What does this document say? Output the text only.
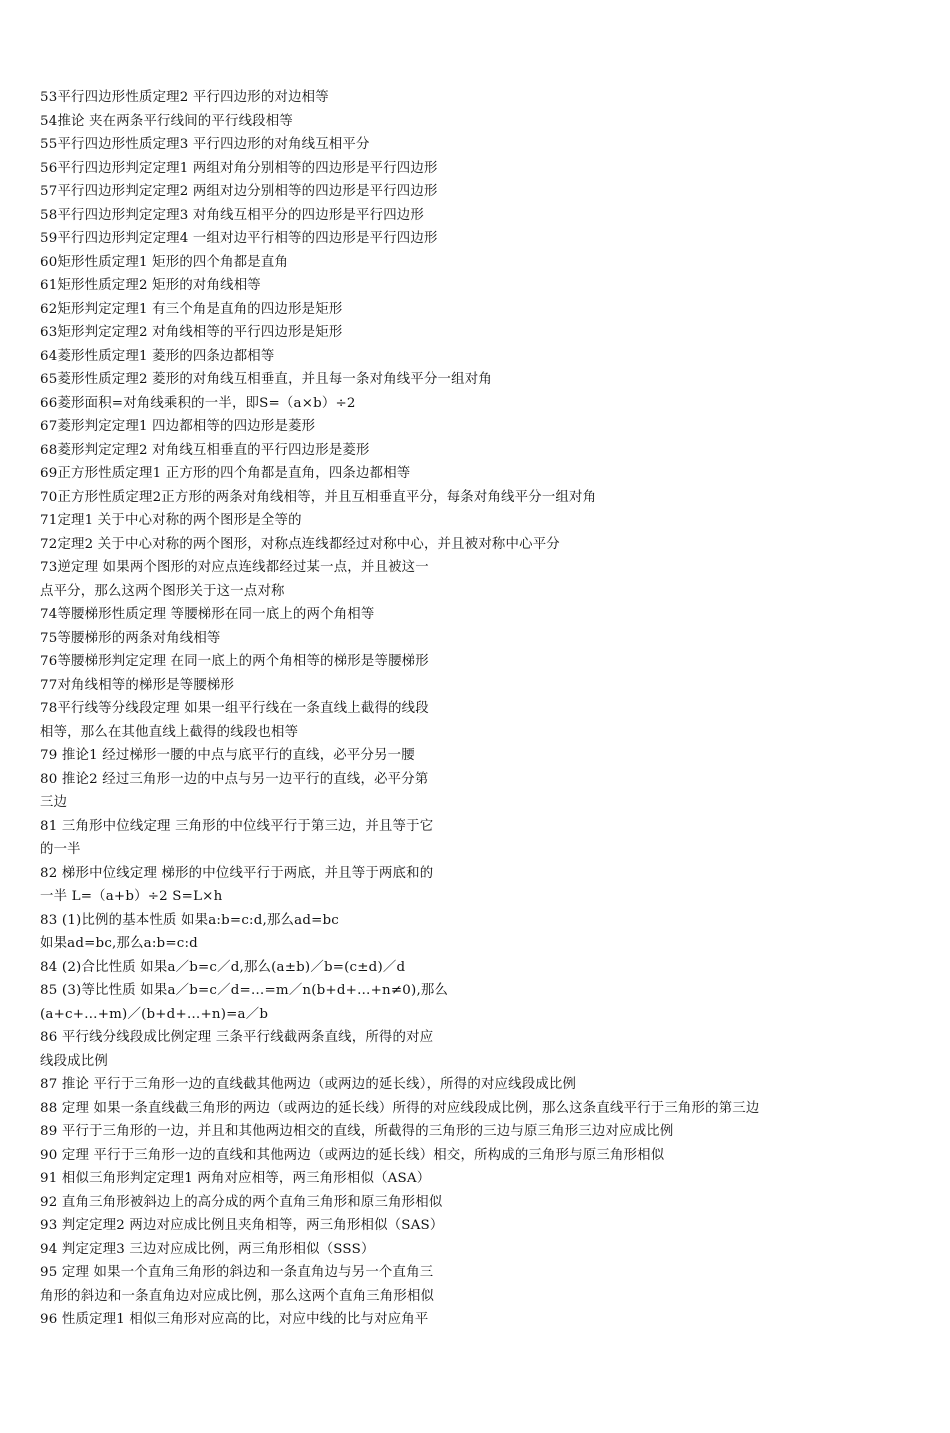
53平行四边形性质定理2 平行四边形的对边相等
54推论 夹在两条平行线间的平行线段相等
55平行四边形性质定理3 平行四边形的对角线互相平分
56平行四边形判定定理1 两组对角分别相等的四边形是平行四边形
57平行四边形判定定理2 两组对边分别相等的四边形是平行四边形
58平行四边形判定定理3 对角线互相平分的四边形是平行四边形
59平行四边形判定定理4 一组对边平行相等的四边形是平行四边形
60矩形性质定理1 矩形的四个角都是直角
61矩形性质定理2 矩形的对角线相等
62矩形判定定理1 有三个角是直角的四边形是矩形
63矩形判定定理2 对角线相等的平行四边形是矩形
64菱形性质定理1 菱形的四条边都相等
65菱形性质定理2 菱形的对角线互相垂直，并且每一条对角线平分一组对角
66菱形面积=对角线乘积的一半，即S=（a×b）÷2
67菱形判定定理1 四边都相等的四边形是菱形
68菱形判定定理2 对角线互相垂直的平行四边形是菱形
69正方形性质定理1 正方形的四个角都是直角，四条边都相等
70正方形性质定理2正方形的两条对角线相等，并且互相垂直平分，每条对角线平分一组对角
71定理1 关于中心对称的两个图形是全等的
72定理2 关于中心对称的两个图形，对称点连线都经过对称中心，并且被对称中心平分
73逆定理 如果两个图形的对应点连线都经过某一点，并且被这一
点平分，那么这两个图形关于这一点对称
74等腰梯形性质定理 等腰梯形在同一底上的两个角相等
75等腰梯形的两条对角线相等
76等腰梯形判定定理 在同一底上的两个角相等的梯形是等腰梯形
77对角线相等的梯形是等腰梯形
78平行线等分线段定理 如果一组平行线在一条直线上截得的线段
相等，那么在其他直线上截得的线段也相等
79 推论1 经过梯形一腰的中点与底平行的直线，必平分另一腰
80 推论2 经过三角形一边的中点与另一边平行的直线，必平分第
三边
81 三角形中位线定理 三角形的中位线平行于第三边，并且等于它
的一半
82 梯形中位线定理 梯形的中位线平行于两底，并且等于两底和的
一半 L=（a+b）÷2 S=L×h
83 (1)比例的基本性质 如果a:b=c:d,那么ad=bc
如果ad=bc,那么a:b=c:d
84 (2)合比性质 如果a／b=c／d,那么(a±b)／b=(c±d)／d
85 (3)等比性质 如果a／b=c／d=…=m／n(b+d+…+n≠0),那么
(a+c+…+m)／(b+d+…+n)=a／b
86 平行线分线段成比例定理 三条平行线截两条直线，所得的对应
线段成比例
87 推论 平行于三角形一边的直线截其他两边（或两边的延长线），所得的对应线段成比例
88 定理 如果一条直线截三角形的两边（或两边的延长线）所得的对应线段成比例，那么这条直线平行于三角形的第三边
89 平行于三角形的一边，并且和其他两边相交的直线，所截得的三角形的三边与原三角形三边对应成比例
90 定理 平行于三角形一边的直线和其他两边（或两边的延长线）相交，所构成的三角形与原三角形相似
91 相似三角形判定定理1 两角对应相等，两三角形相似（ASA）
92 直角三角形被斜边上的高分成的两个直角三角形和原三角形相似
93 判定定理2 两边对应成比例且夹角相等，两三角形相似（SAS）
94 判定定理3 三边对应成比例，两三角形相似（SSS）
95 定理 如果一个直角三角形的斜边和一条直角边与另一个直角三
角形的斜边和一条直角边对应成比例，那么这两个直角三角形相似
96 性质定理1 相似三角形对应高的比，对应中线的比与对应角平
